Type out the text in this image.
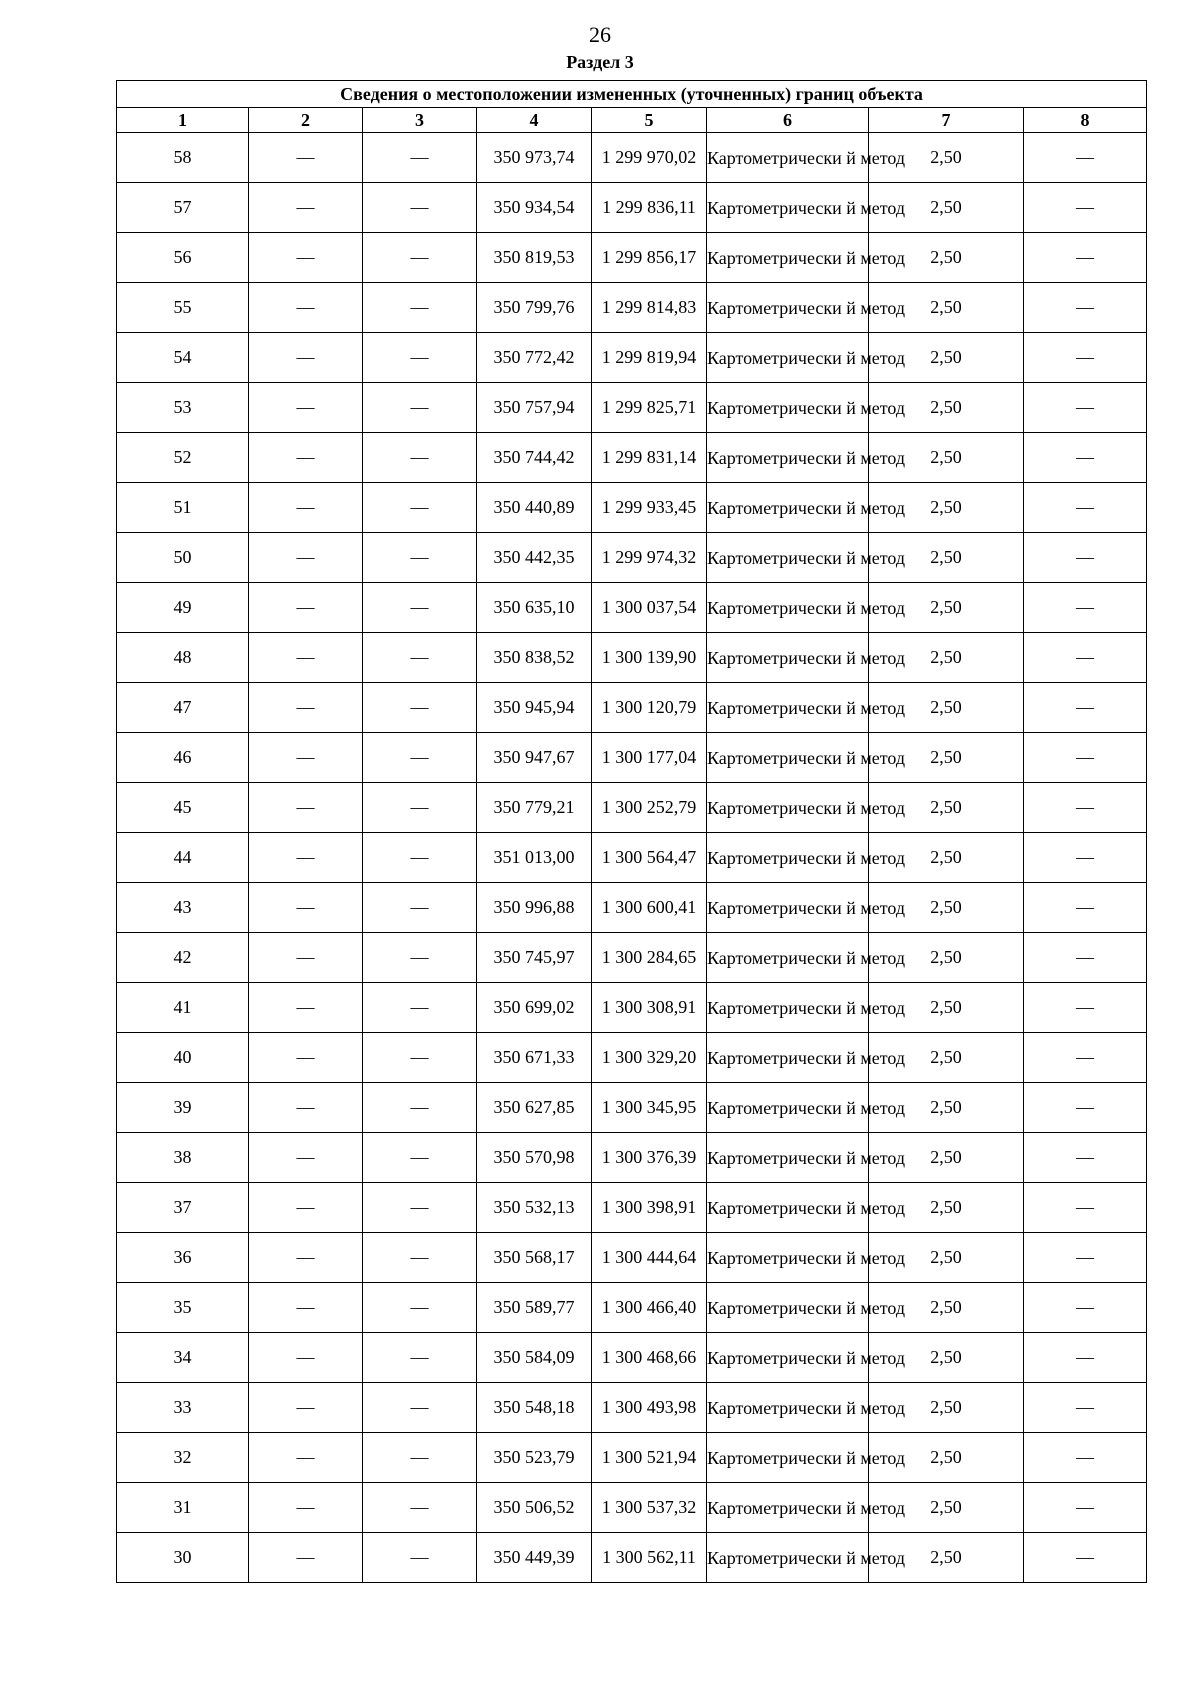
26
Раздел 3
Сведения о местоположении измененных (уточненных) границ объекта							
1	2	3	4	5	6	7	8
58	—	—	350 973,74	1 299 970,02	Картометрически й метод	2,50	—
57	—	—	350 934,54	1 299 836,11	Картометрически й метод	2,50	—
56	—	—	350 819,53	1 299 856,17	Картометрически й метод	2,50	—
55	—	—	350 799,76	1 299 814,83	Картометрически й метод	2,50	—
54	—	—	350 772,42	1 299 819,94	Картометрически й метод	2,50	—
53	—	—	350 757,94	1 299 825,71	Картометрически й метод	2,50	—
52	—	—	350 744,42	1 299 831,14	Картометрически й метод	2,50	—
51	—	—	350 440,89	1 299 933,45	Картометрически й метод	2,50	—
50	—	—	350 442,35	1 299 974,32	Картометрически й метод	2,50	—
49	—	—	350 635,10	1 300 037,54	Картометрически й метод	2,50	—
48	—	—	350 838,52	1 300 139,90	Картометрически й метод	2,50	—
47	—	—	350 945,94	1 300 120,79	Картометрически й метод	2,50	—
46	—	—	350 947,67	1 300 177,04	Картометрически й метод	2,50	—
45	—	—	350 779,21	1 300 252,79	Картометрически й метод	2,50	—
44	—	—	351 013,00	1 300 564,47	Картометрически й метод	2,50	—
43	—	—	350 996,88	1 300 600,41	Картометрически й метод	2,50	—
42	—	—	350 745,97	1 300 284,65	Картометрически й метод	2,50	—
41	—	—	350 699,02	1 300 308,91	Картометрически й метод	2,50	—
40	—	—	350 671,33	1 300 329,20	Картометрически й метод	2,50	—
39	—	—	350 627,85	1 300 345,95	Картометрически й метод	2,50	—
38	—	—	350 570,98	1 300 376,39	Картометрически й метод	2,50	—
37	—	—	350 532,13	1 300 398,91	Картометрически й метод	2,50	—
36	—	—	350 568,17	1 300 444,64	Картометрически й метод	2,50	—
35	—	—	350 589,77	1 300 466,40	Картометрически й метод	2,50	—
34	—	—	350 584,09	1 300 468,66	Картометрически й метод	2,50	—
33	—	—	350 548,18	1 300 493,98	Картометрически й метод	2,50	—
32	—	—	350 523,79	1 300 521,94	Картометрически й метод	2,50	—
31	—	—	350 506,52	1 300 537,32	Картометрически й метод	2,50	—
30	—	—	350 449,39	1 300 562,11	Картометрически й метод	2,50	—
